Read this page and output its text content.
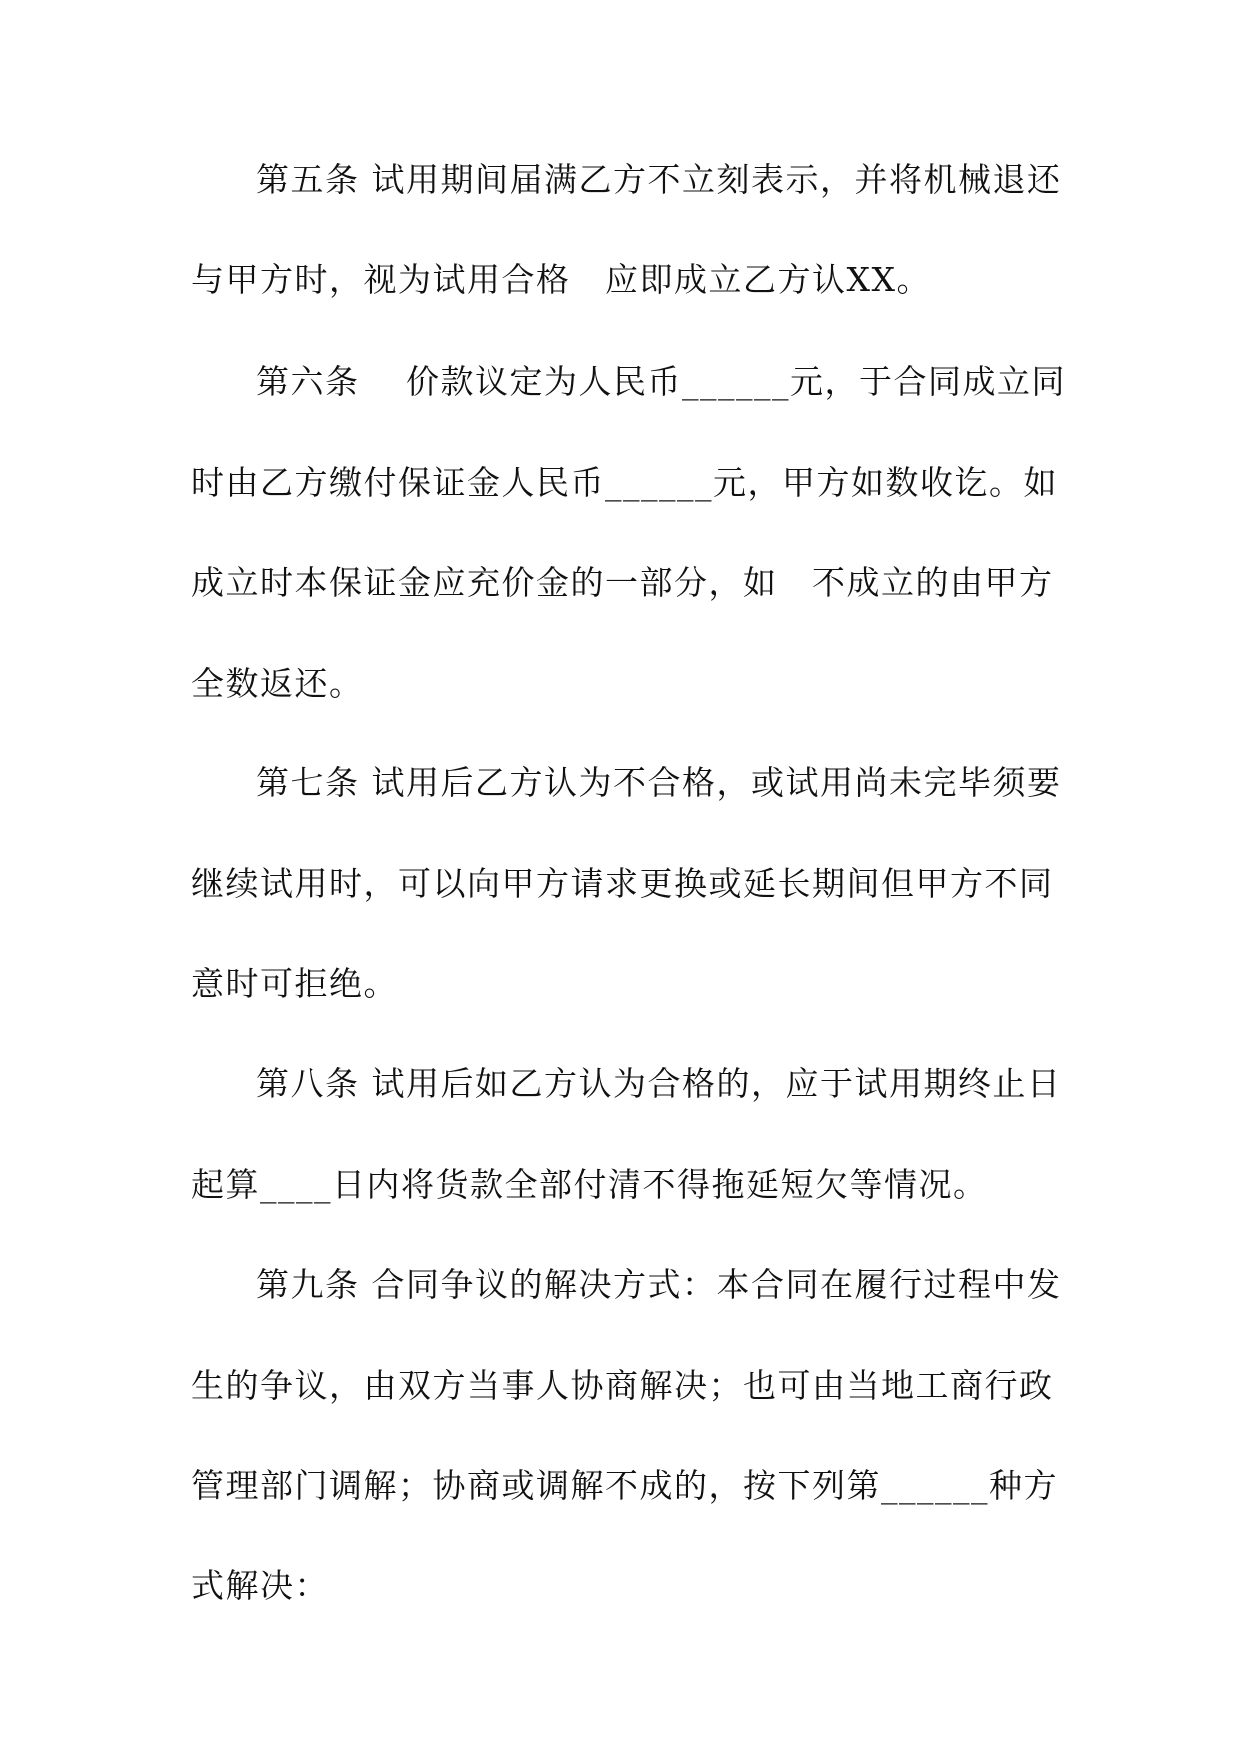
第五条 试用期间届满乙方不立刻表示，并将机械退还
与甲方时，视为试用合格　应即成立乙方认XX。
第六条　 价款议定为人民币______元，于合同成立同
时由乙方缴付保证金人民币______元，甲方如数收讫。如
成立时本保证金应充价金的一部分，如　不成立的由甲方
全数返还。
第七条 试用后乙方认为不合格，或试用尚未完毕须要
继续试用时，可以向甲方请求更换或延长期间但甲方不同
意时可拒绝。
第八条 试用后如乙方认为合格的，应于试用期终止日
起算____日内将货款全部付清不得拖延短欠等情况。
第九条 合同争议的解决方式：本合同在履行过程中发
生的争议，由双方当事人协商解决；也可由当地工商行政
管理部门调解；协商或调解不成的，按下列第______种方
式解决：
